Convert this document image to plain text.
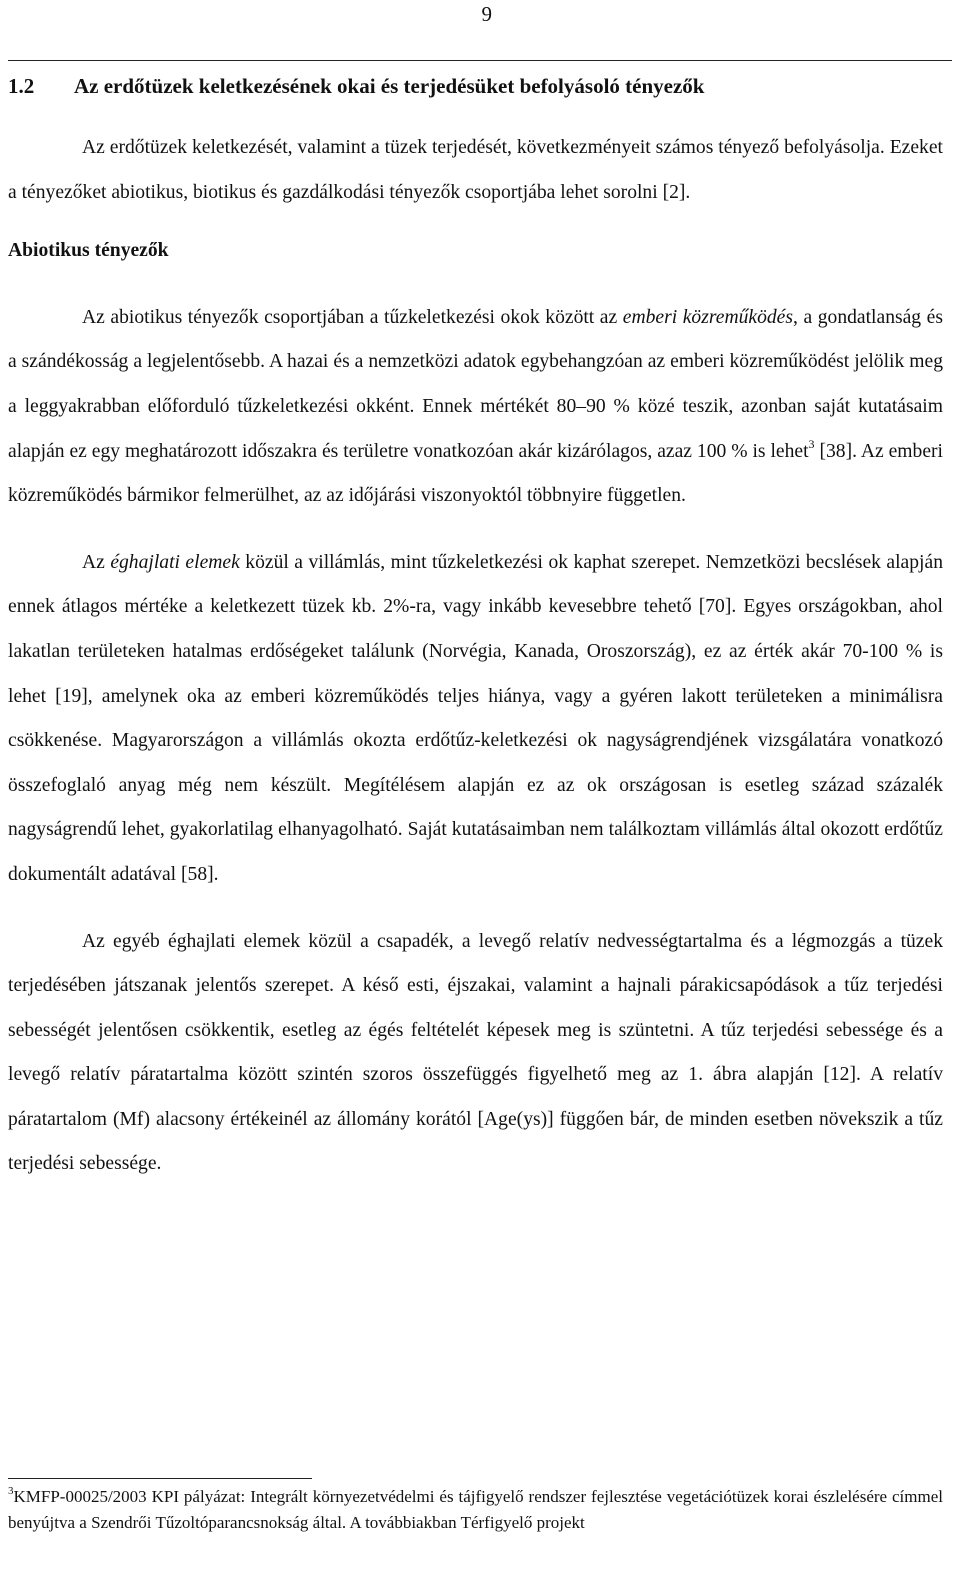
9
1.2 Az erdőtüzek keletkezésének okai és terjedésüket befolyásoló tényezők

Az erdőtüzek keletkezését, valamint a tüzek terjedését, következményeit számos tényező befolyásolja. Ezeket a tényezőket abiotikus, biotikus és gazdálkodási tényezők csoportjába lehet sorolni [2].

Abiotikus tényezők

Az abiotikus tényezők csoportjában a tűzkeletkezési okok között az emberi közreműködés, a gondatlanság és a szándékosság a legjelentősebb. A hazai és a nemzetközi adatok egybehangzóan az emberi közreműködést jelölik meg a leggyakrabban előforduló tűzkeletkezési okként. Ennek mértékét 80–90 % közé teszik, azonban saját kutatásaim alapján ez egy meghatározott időszakra és területre vonatkozóan akár kizárólagos, azaz 100 % is lehet$^3$ [38]. Az emberi közreműködés bármikor felmerülhet, az az időjárási viszonyoktól többnyire független.

Az éghajlati elemek közül a villámlás, mint tűzkeletkezési ok kaphat szerepet. Nemzetközi becslések alapján ennek átlagos mértéke a keletkezett tüzek kb. 2%-ra, vagy inkább kevesebbre tehető [70]. Egyes országokban, ahol lakatlan területeken hatalmas erdőségeket találunk (Norvégia, Kanada, Oroszország), ez az érték akár 70-100 % is lehet [19], amelynek oka az emberi közreműködés teljes hiánya, vagy a gyéren lakott területeken a minimálisra csökkenése. Magyarországon a villámlás okozta erdőtűz-keletkezési ok nagyságrendjének vizsgálatára vonatkozó összefoglaló anyag még nem készült. Megítélésem alapján ez az ok országosan is esetleg század százalék nagyságrendű lehet, gyakorlatilag elhanyagolható. Saját kutatásaimban nem találkoztam villámlás által okozott erdőtűz dokumentált adatával [58].

Az egyéb éghajlati elemek közül a csapadék, a levegő relatív nedvességtartalma és a légmozgás a tüzek terjedésében játszanak jelentős szerepet. A késő esti, éjszakai, valamint a hajnali párakicsapódások a tűz terjedési sebességét jelentősen csökkentik, esetleg az égés feltételét képesek meg is szüntetni. A tűz terjedési sebessége és a levegő relatív páratartalma között szintén szoros összefüggés figyelhető meg az 1. ábra alapján [12]. A relatív páratartalom (Mf) alacsony értékeinél az állomány korától [Age(ys)] függően bár, de minden esetben növekszik a tűz terjedési sebessége.

$^3$KMFP-00025/2003 KPI pályázat: Integrált környezetvédelmi és tájfigyelő rendszer fejlesztése vegetációtüzek korai észlelésére címmel benyújtva a Szendrői Tűzoltóparancsnokság által. A továbbiakban Térfigyelő projekt
